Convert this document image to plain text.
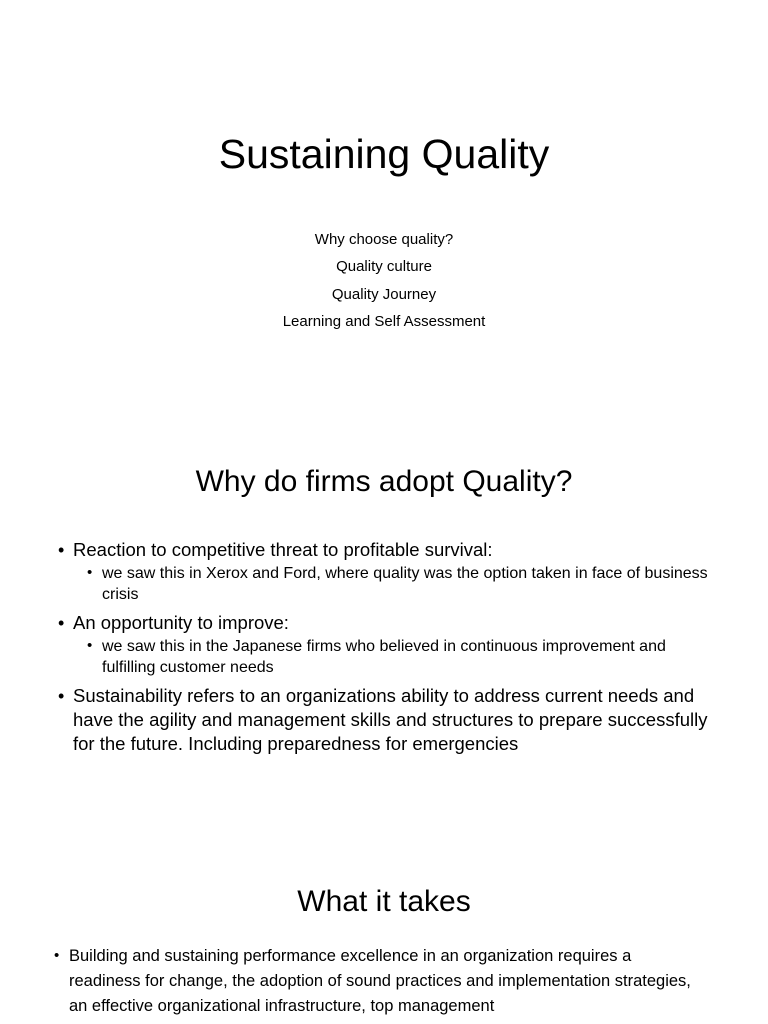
Sustaining Quality
Why choose quality?
Quality culture
Quality Journey
Learning and Self Assessment
Why do firms adopt Quality?
• Reaction to competitive threat to profitable survival:
• we saw this in Xerox and Ford, where quality was the option taken in face of business crisis
• An opportunity to improve:
• we saw this in the Japanese firms who believed in continuous improvement and fulfilling customer needs
• Sustainability refers to an organizations ability to address current needs and have the agility and management skills and structures to prepare successfully for the future. Including preparedness for emergencies
What it takes
• Building and sustaining performance excellence in an organization requires a readiness for change, the adoption of sound practices and implementation strategies, an effective organizational infrastructure, top management
